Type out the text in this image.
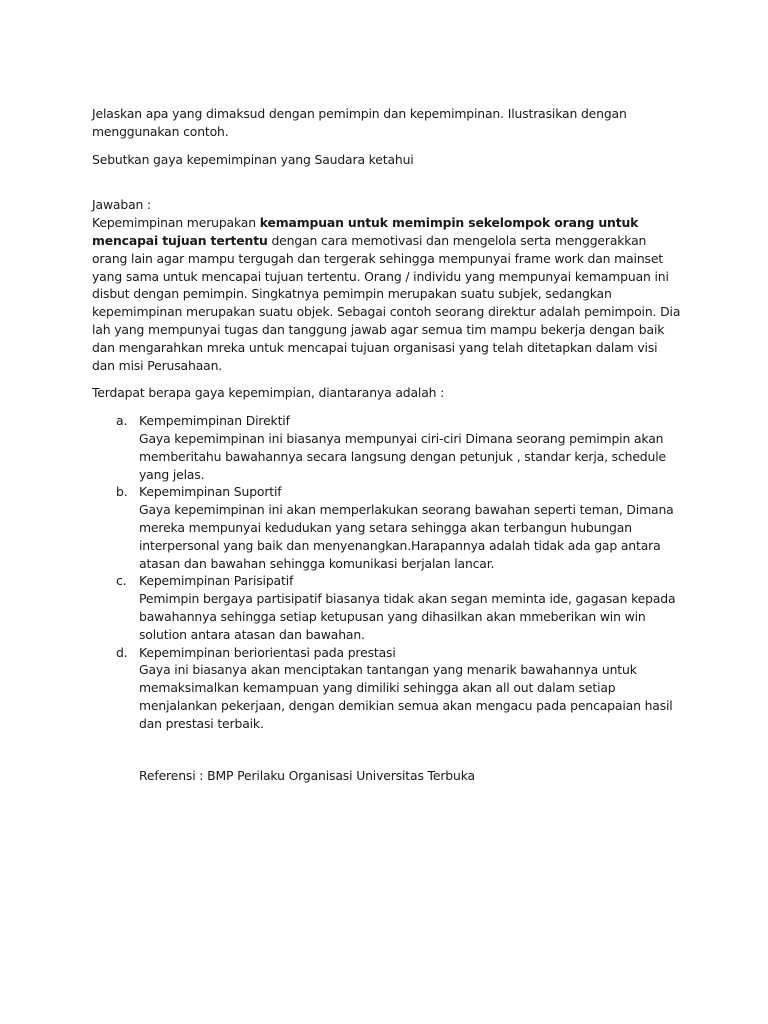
Jelaskan apa yang dimaksud dengan pemimpin dan kepemimpinan. Ilustrasikan dengan menggunakan contoh.

Sebutkan gaya kepemimpinan yang Saudara ketahui

Jawaban :

Kepemimpinan merupakan kemampuan untuk memimpin sekelompok orang untuk mencapai tujuan tertentu dengan cara memotivasi dan mengelola serta menggerakkan orang lain agar mampu tergugah dan tergerak sehingga mempunyai frame work dan mainset yang sama untuk mencapai tujuan tertentu. Orang / individu yang mempunyai kemampuan ini disbut dengan pemimpin. Singkatnya pemimpin merupakan suatu subjek, sedangkan kepemimpinan merupakan suatu objek. Sebagai contoh seorang direktur adalah pemimpoin. Dia lah yang mempunyai tugas dan tanggung jawab agar semua tim mampu bekerja dengan baik dan mengarahkan mreka untuk mencapai tujuan organisasi yang telah ditetapkan dalam visi dan misi Perusahaan.

Terdapat berapa gaya kepemimpian, diantaranya adalah :

a. Kempemimpinan Direktif
Gaya kepemimpinan ini biasanya mempunyai ciri-ciri Dimana seorang pemimpin akan memberitahu bawahannya secara langsung dengan petunjuk , standar kerja, schedule yang jelas.
b. Kepemimpinan Suportif
Gaya kepemimpinan ini akan memperlakukan seorang bawahan seperti teman, Dimana mereka mempunyai kedudukan yang setara sehingga akan terbangun hubungan interpersonal yang baik dan menyenangkan.Harapannya adalah tidak ada gap antara atasan dan bawahan sehingga komunikasi berjalan lancar.
c. Kepemimpinan Parisipatif
Pemimpin bergaya partisipatif biasanya tidak akan segan meminta ide, gagasan kepada bawahannya sehingga setiap ketupusan yang dihasilkan akan mmeberikan win win solution antara atasan dan bawahan.
d. Kepemimpinan beriorientasi pada prestasi
Gaya ini biasanya akan menciptakan tantangan yang menarik bawahannya untuk memaksimalkan kemampuan yang dimiliki sehingga akan all out dalam setiap menjalankan pekerjaan, dengan demikian semua akan mengacu pada pencapaian hasil dan prestasi terbaik.

Referensi : BMP Perilaku Organisasi Universitas Terbuka
